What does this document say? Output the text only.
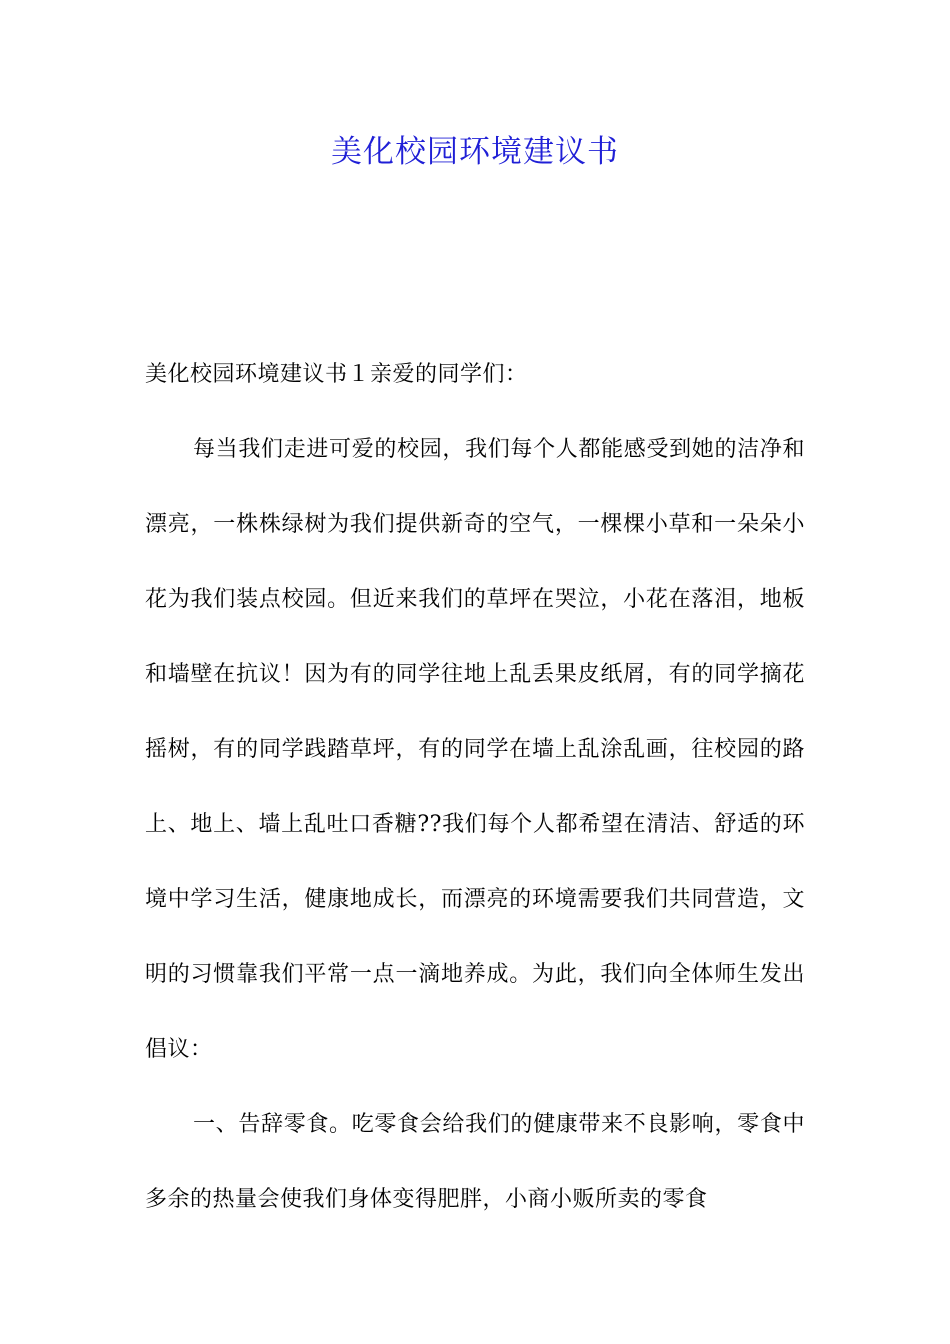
美化校园环境建议书

美化校园环境建议书１亲爱的同学们：

每当我们走进可爱的校园，我们每个人都能感受到她的洁净和漂亮，一株株绿树为我们提供新奇的空气，一棵棵小草和一朵朵小花为我们装点校园。但近来我们的草坪在哭泣，小花在落泪，地板和墙壁在抗议！因为有的同学往地上乱丢果皮纸屑，有的同学摘花摇树，有的同学践踏草坪，有的同学在墙上乱涂乱画，往校园的路上、地上、墙上乱吐口香糖??我们每个人都希望在清洁、舒适的环境中学习生活，健康地成长，而漂亮的环境需要我们共同营造，文明的习惯靠我们平常一点一滴地养成。为此，我们向全体师生发出倡议：

一、告辞零食。吃零食会给我们的健康带来不良影响，零食中多余的热量会使我们身体变得肥胖，小商小贩所卖的零食
